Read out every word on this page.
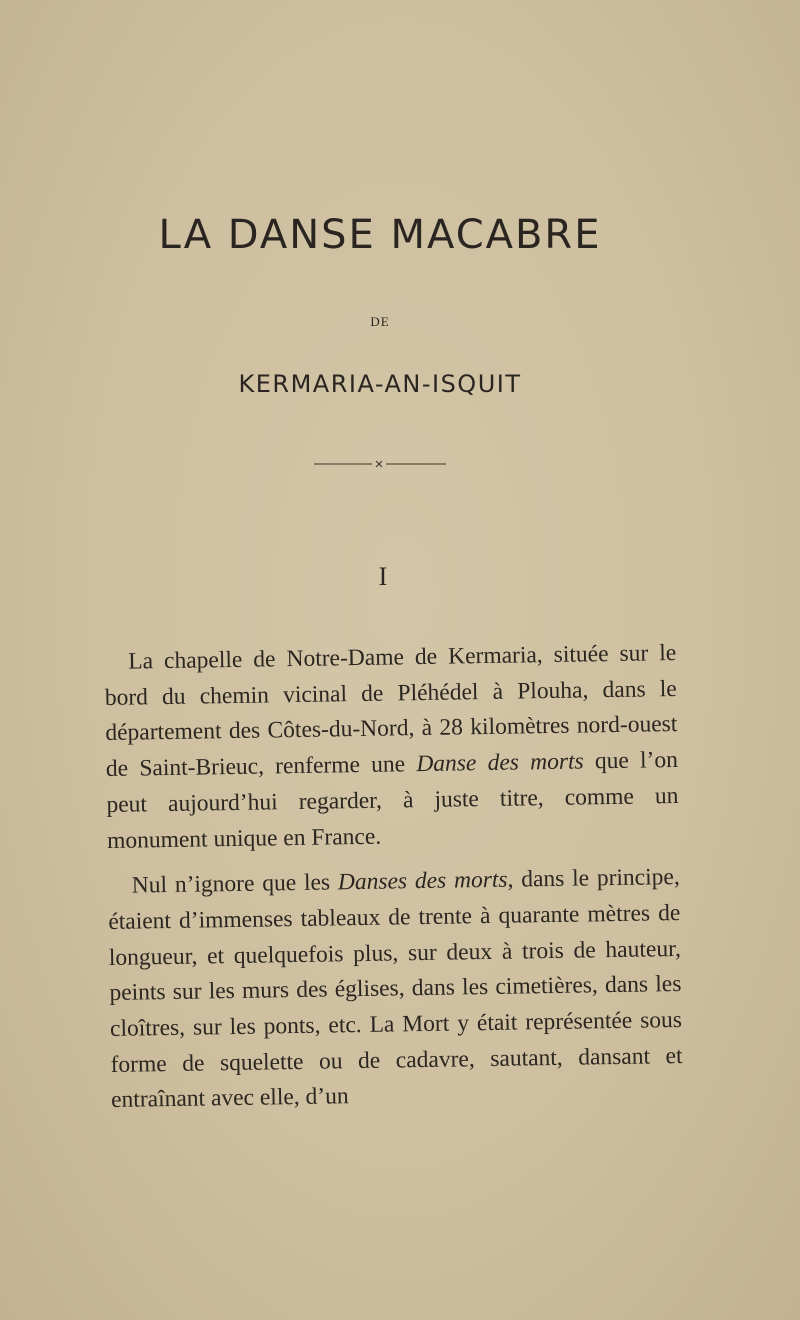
LA DANSE MACABRE
DE
KERMARIA-AN-ISQUIT
I

La chapelle de Notre-Dame de Kermaria, située sur le bord du chemin vicinal de Pléhédel à Plouha, dans le département des Côtes-du-Nord, à 28 kilomètres nord-ouest de Saint-Brieuc, renferme une Danse des morts que l’on peut aujourd’hui regarder, à juste titre, comme un monument unique en France.

Nul n’ignore que les Danses des morts, dans le principe, étaient d’immenses tableaux de trente à quarante mètres de longueur, et quelquefois plus, sur deux à trois de hauteur, peints sur les murs des églises, dans les cimetières, dans les cloîtres, sur les ponts, etc. La Mort y était représentée sous forme de squelette ou de cadavre, sautant, dansant et entraînant avec elle, d’un
